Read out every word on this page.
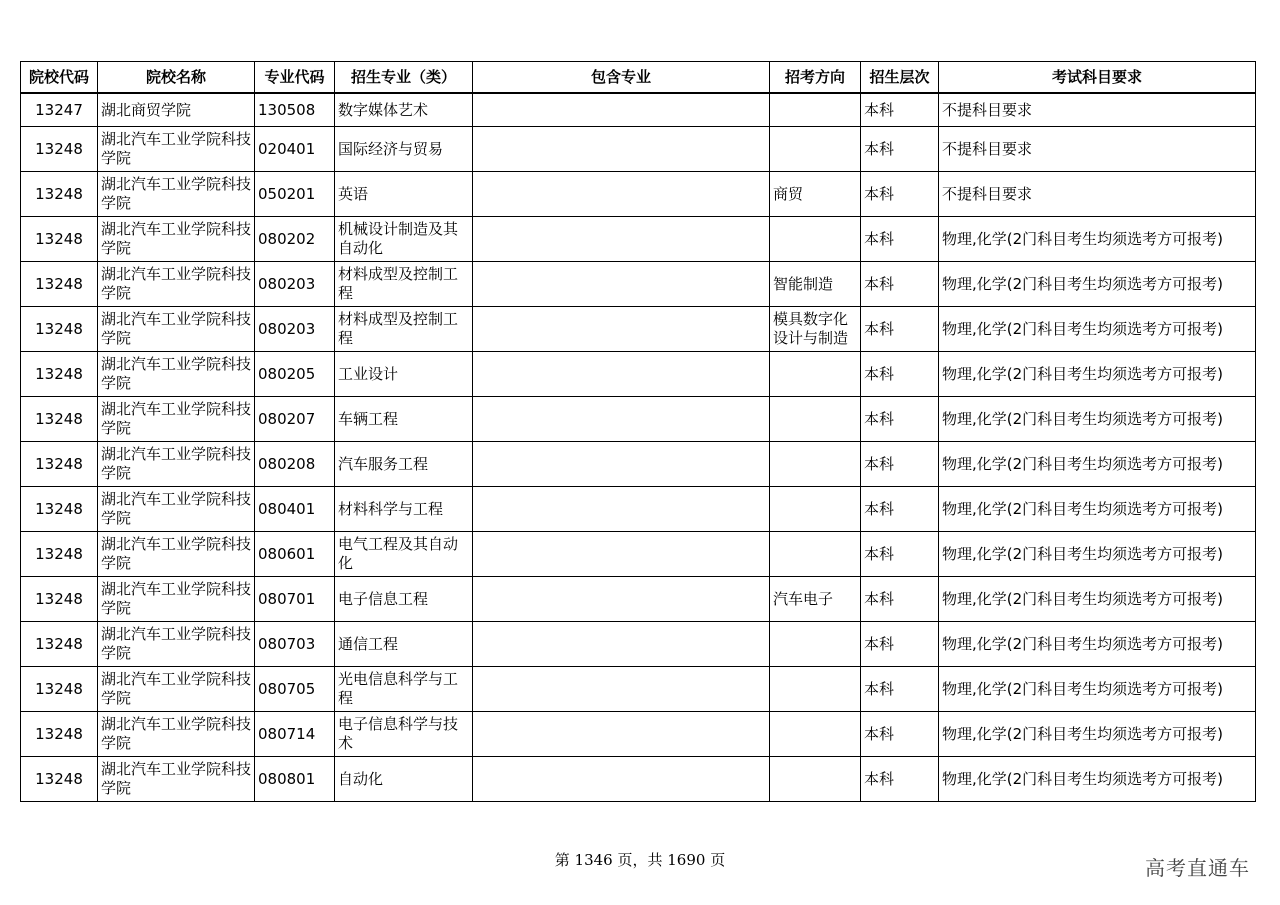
院校代码	院校名称	专业代码	招生专业（类）	包含专业	招考方向	招生层次	考试科目要求
13247	湖北商贸学院	130508	数字媒体艺术			本科	不提科目要求
13248	湖北汽车工业学院科技学院	020401	国际经济与贸易			本科	不提科目要求
13248	湖北汽车工业学院科技学院	050201	英语		商贸	本科	不提科目要求
13248	湖北汽车工业学院科技学院	080202	机械设计制造及其自动化			本科	物理,化学(2门科目考生均须选考方可报考)
13248	湖北汽车工业学院科技学院	080203	材料成型及控制工程		智能制造	本科	物理,化学(2门科目考生均须选考方可报考)
13248	湖北汽车工业学院科技学院	080203	材料成型及控制工程		模具数字化设计与制造	本科	物理,化学(2门科目考生均须选考方可报考)
13248	湖北汽车工业学院科技学院	080205	工业设计			本科	物理,化学(2门科目考生均须选考方可报考)
13248	湖北汽车工业学院科技学院	080207	车辆工程			本科	物理,化学(2门科目考生均须选考方可报考)
13248	湖北汽车工业学院科技学院	080208	汽车服务工程			本科	物理,化学(2门科目考生均须选考方可报考)
13248	湖北汽车工业学院科技学院	080401	材料科学与工程			本科	物理,化学(2门科目考生均须选考方可报考)
13248	湖北汽车工业学院科技学院	080601	电气工程及其自动化			本科	物理,化学(2门科目考生均须选考方可报考)
13248	湖北汽车工业学院科技学院	080701	电子信息工程		汽车电子	本科	物理,化学(2门科目考生均须选考方可报考)
13248	湖北汽车工业学院科技学院	080703	通信工程			本科	物理,化学(2门科目考生均须选考方可报考)
13248	湖北汽车工业学院科技学院	080705	光电信息科学与工程			本科	物理,化学(2门科目考生均须选考方可报考)
13248	湖北汽车工业学院科技学院	080714	电子信息科学与技术			本科	物理,化学(2门科目考生均须选考方可报考)
13248	湖北汽车工业学院科技学院	080801	自动化			本科	物理,化学(2门科目考生均须选考方可报考)
第 1346 页，共 1690 页	高考直通车
